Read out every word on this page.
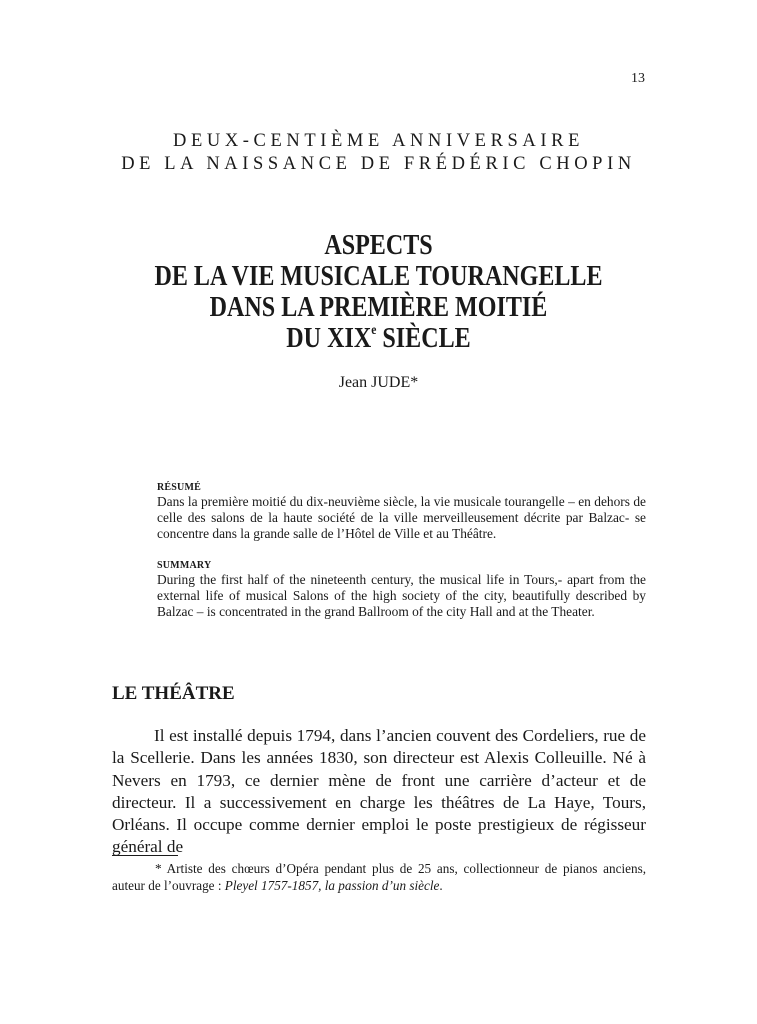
13
DEUX-CENTIÈME ANNIVERSAIRE
DE LA NAISSANCE DE FRÉDÉRIC CHOPIN
ASPECTS
DE LA VIE MUSICALE TOURANGELLE
DANS LA PREMIÈRE MOITIÉ
DU XIXe SIÈCLE
Jean JUDE*
RÉSUMÉ
Dans la première moitié du dix-neuvième siècle, la vie musicale tourangelle – en dehors de celle des salons de la haute société de la ville merveilleusement décrite par Balzac- se concentre dans la grande salle de l’Hôtel de Ville et au Théâtre.
SUMMARY
During the first half of the nineteenth century, the musical life in Tours,- apart from the external life of musical Salons of the high society of the city, beautifully described by Balzac – is concentrated in the grand Ballroom of the city Hall and at the Theater.
LE THÉÂTRE
Il est installé depuis 1794, dans l’ancien couvent des Cordeliers, rue de la Scellerie. Dans les années 1830, son directeur est Alexis Colleuille. Né à Nevers en 1793, ce dernier mène de front une carrière d’acteur et de directeur. Il a successivement en charge les théâtres de La Haye, Tours, Orléans. Il occupe comme dernier emploi le poste prestigieux de régisseur général de
* Artiste des chœurs d’Opéra pendant plus de 25 ans, collectionneur de pianos anciens, auteur de l’ouvrage : Pleyel 1757-1857, la passion d’un siècle.
